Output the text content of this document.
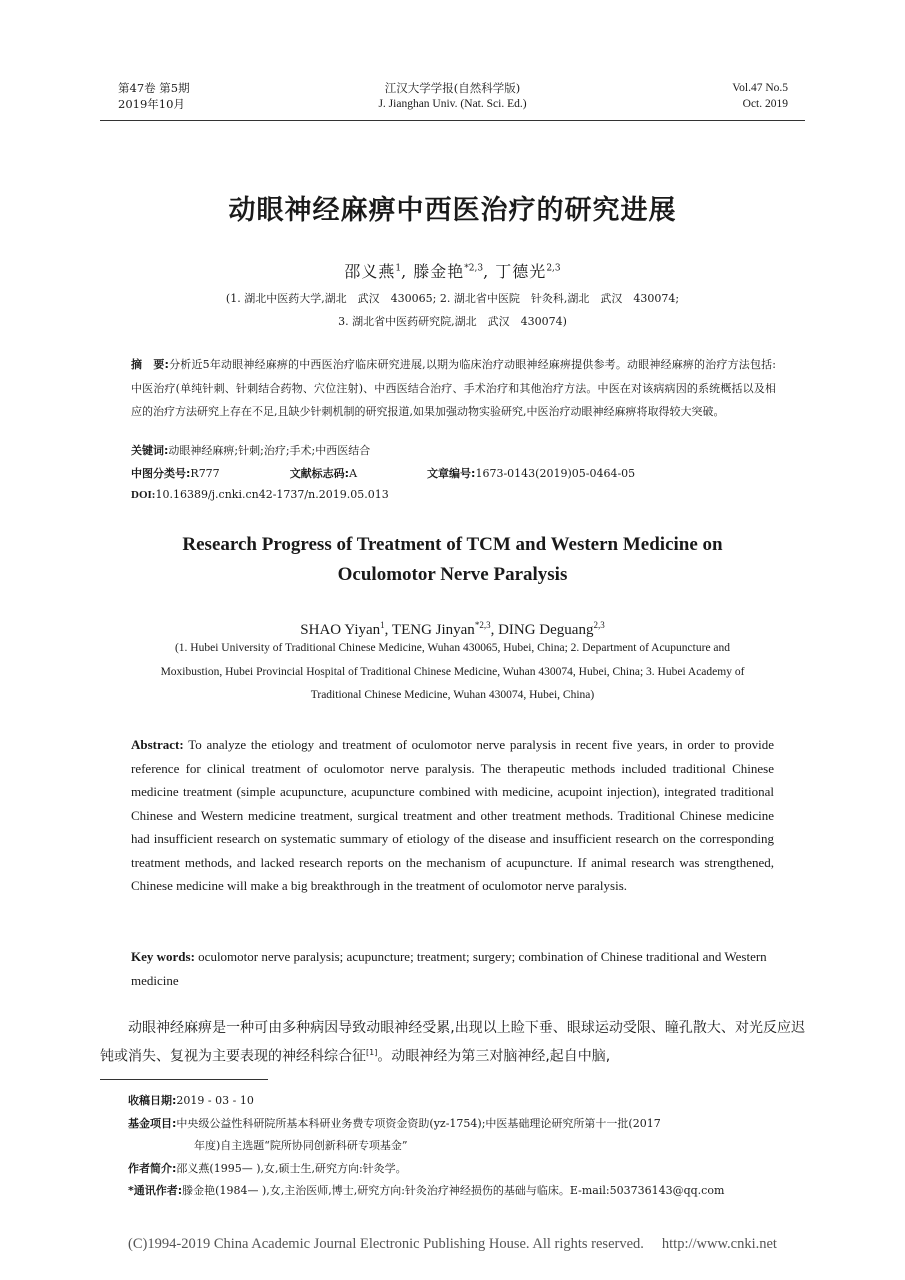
第47卷 第5期
2019年10月
江汉大学学报(自然科学版)
J. Jianghan Univ. (Nat. Sci. Ed.)
Vol.47 No.5
Oct. 2019
动眼神经麻痹中西医治疗的研究进展
邵义燕$^1$, 滕金艳$^{*2,3}$, 丁德光$^{2,3}$
(1. 湖北中医药大学,湖北　武汉　430065; 2. 湖北省中医院　针灸科,湖北　武汉　430074;
3. 湖北省中医药研究院,湖北　武汉　430074)
摘　要:分析近5年动眼神经麻痹的中西医治疗临床研究进展,以期为临床治疗动眼神经麻痹提供参考。动眼神经麻痹的治疗方法包括:中医治疗(单纯针刺、针刺结合药物、穴位注射)、中西医结合治疗、手术治疗和其他治疗方法。中医在对该病病因的系统概括以及相应的治疗方法研究上存在不足,且缺少针刺机制的研究报道,如果加强动物实验研究,中医治疗动眼神经麻痹将取得较大突破。
关键词:动眼神经麻痹;针刺;治疗;手术;中西医结合
中图分类号:R777	文献标志码:A	文章编号:1673-0143(2019)05-0464-05
DOI:10.16389/j.cnki.cn42-1737/n.2019.05.013
Research Progress of Treatment of TCM and Western Medicine on
Oculomotor Nerve Paralysis
SHAO Yiyan$^1$, TENG Jinyan$^{*2,3}$, DING Deguang$^{2,3}$
(1. Hubei University of Traditional Chinese Medicine, Wuhan 430065, Hubei, China; 2. Department of Acupuncture and
Moxibustion, Hubei Provincial Hospital of Traditional Chinese Medicine, Wuhan 430074, Hubei, China; 3. Hubei Academy of
Traditional Chinese Medicine, Wuhan 430074, Hubei, China)
Abstract: To analyze the etiology and treatment of oculomotor nerve paralysis in recent five years, in order to provide reference for clinical treatment of oculomotor nerve paralysis. The therapeutic methods included traditional Chinese medicine treatment (simple acupuncture, acupuncture combined with medicine, acupoint injection), integrated traditional Chinese and Western medicine treatment, surgical treatment and other treatment methods. Traditional Chinese medicine had insufficient research on systematic summary of etiology of the disease and insufficient research on the corresponding treatment methods, and lacked research reports on the mechanism of acupuncture. If animal research was strengthened, Chinese medicine will make a big breakthrough in the treatment of oculomotor nerve paralysis.
Key words: oculomotor nerve paralysis; acupuncture; treatment; surgery; combination of Chinese traditional and Western medicine
动眼神经麻痹是一种可由多种病因导致动眼神经受累,出现以上睑下垂、眼球运动受限、瞳孔散大、对光反应迟钝或消失、复视为主要表现的神经科综合征[1]。动眼神经为第三对脑神经,起自中脑,
收稿日期: 2019 - 03 - 10
基金项目: 中央级公益性科研院所基本科研业务费专项资金资助(yz-1754);中医基础理论研究所第十一批(2017
年度)自主选题“院所协同创新科研专项基金”
作者简介: 邵义燕(1995— ),女,硕士生,研究方向:针灸学。
*通讯作者: 滕金艳(1984— ),女,主治医师,博士,研究方向:针灸治疗神经损伤的基础与临床。E-mail:503736143@qq.com
(C)1994-2019 China Academic Journal Electronic Publishing House. All rights reserved. http://www.cnki.net
